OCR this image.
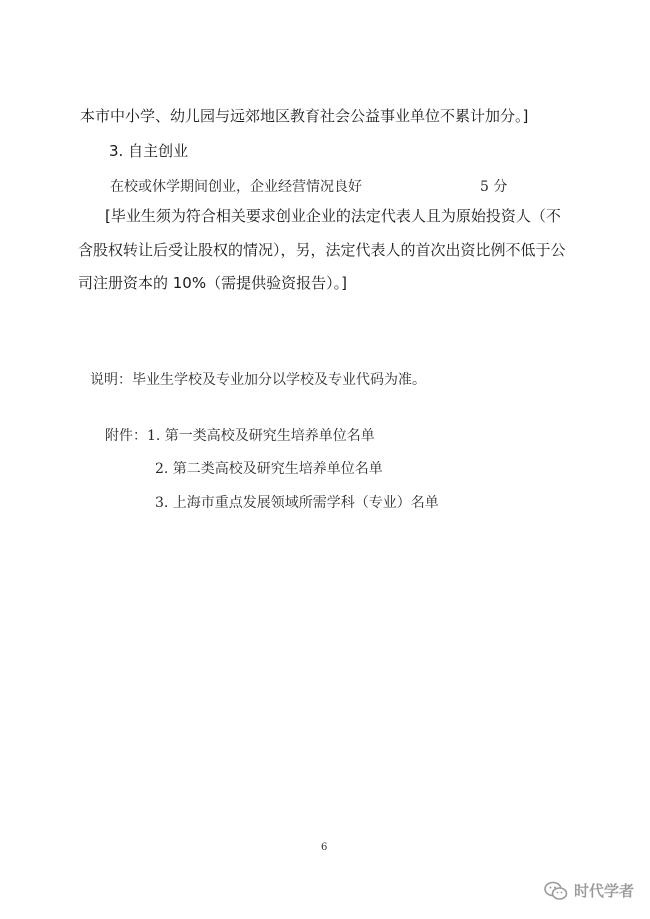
本市中小学、幼儿园与远郊地区教育社会公益事业单位不累计加分。]
3. 自主创业
在校或休学期间创业，企业经营情况良好	5 分
[毕业生须为符合相关要求创业企业的法定代表人且为原始投资人（不
含股权转让后受让股权的情况），另，法定代表人的首次出资比例不低于公
司注册资本的 10%（需提供验资报告）。]
说明：毕业生学校及专业加分以学校及专业代码为准。
附件：1. 第一类高校及研究生培养单位名单
2. 第二类高校及研究生培养单位名单
3. 上海市重点发展领域所需学科（专业）名单
6
时代学者
